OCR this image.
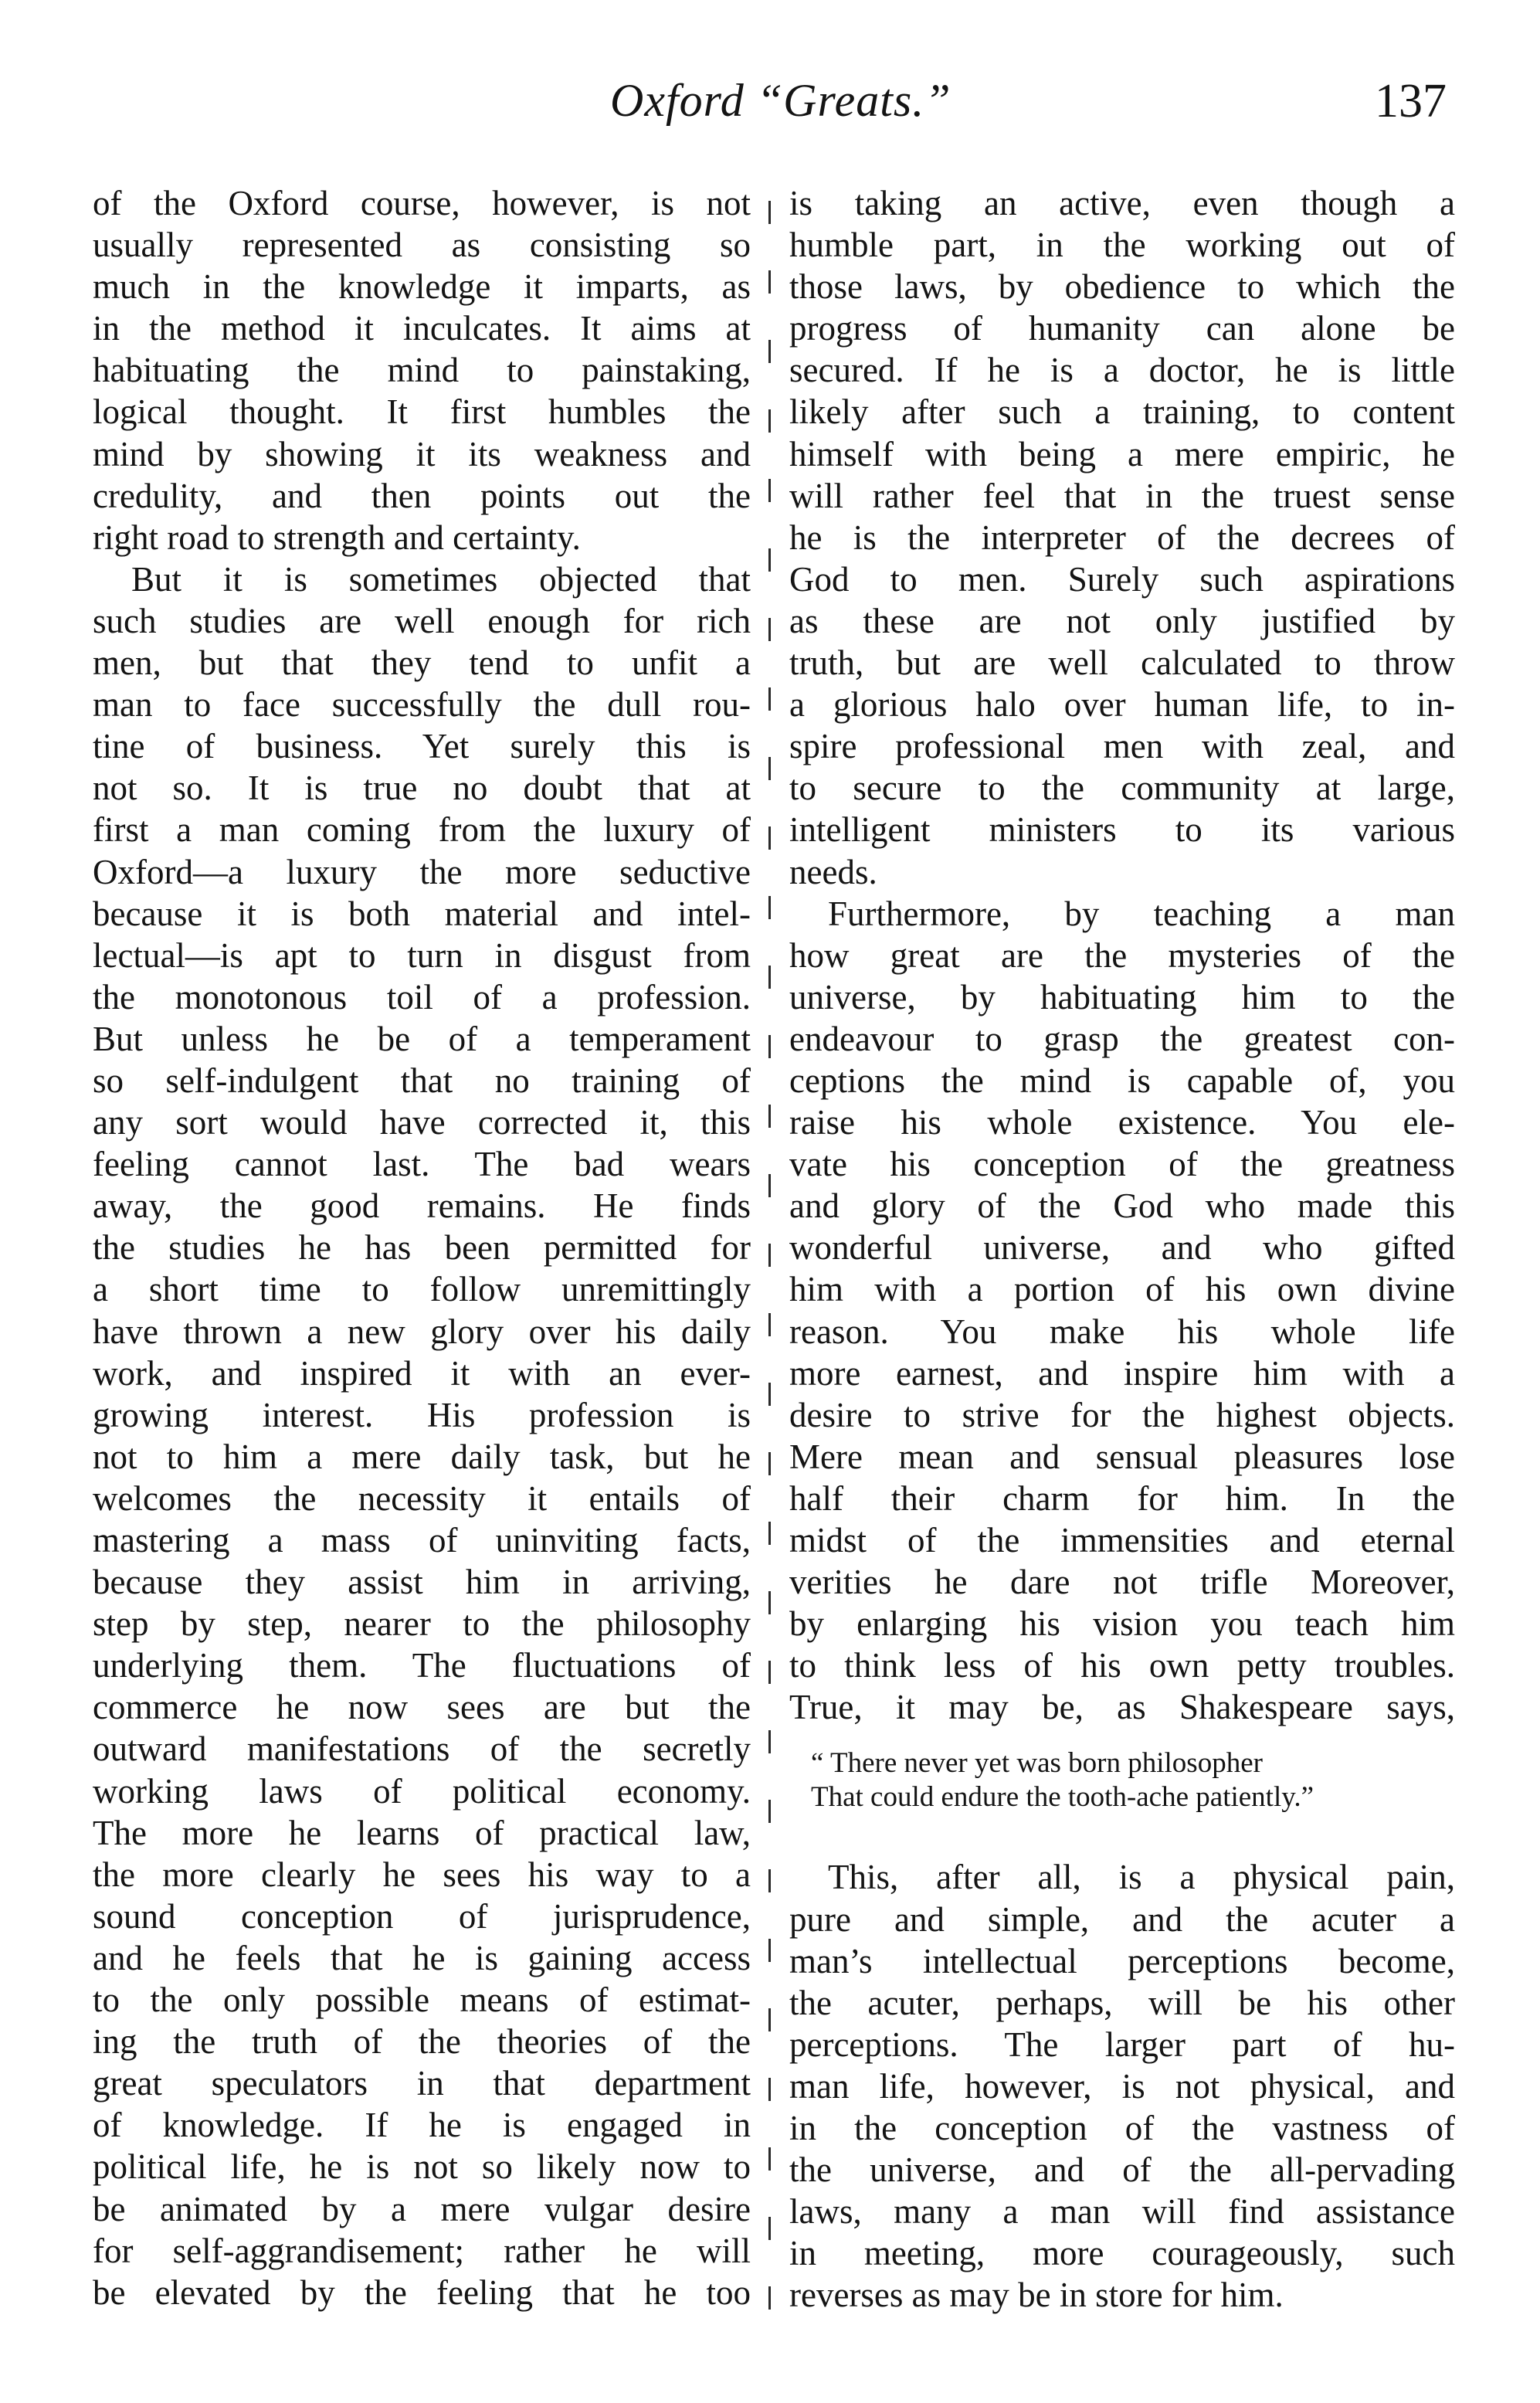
Oxford “Greats.”	137
of the Oxford course, however, is not
usually represented as consisting so
much in the knowledge it imparts, as
in the method it inculcates. It aims at
habituating the mind to painstaking,
logical thought. It first humbles the
mind by showing it its weakness and
credulity, and then points out the
right road to strength and certainty.
But it is sometimes objected that
such studies are well enough for rich
men, but that they tend to unfit a
man to face successfully the dull rou-
tine of business. Yet surely this is
not so. It is true no doubt that at
first a man coming from the luxury of
Oxford—a luxury the more seductive
because it is both material and intel-
lectual—is apt to turn in disgust from
the monotonous toil of a profession.
But unless he be of a temperament
so self-indulgent that no training of
any sort would have corrected it, this
feeling cannot last. The bad wears
away, the good remains. He finds
the studies he has been permitted for
a short time to follow unremittingly
have thrown a new glory over his daily
work, and inspired it with an ever-
growing interest. His profession is
not to him a mere daily task, but he
welcomes the necessity it entails of
mastering a mass of uninviting facts,
because they assist him in arriving,
step by step, nearer to the philosophy
underlying them. The fluctuations of
commerce he now sees are but the
outward manifestations of the secretly
working laws of political economy.
The more he learns of practical law,
the more clearly he sees his way to a
sound conception of jurisprudence,
and he feels that he is gaining access
to the only possible means of estimat-
ing the truth of the theories of the
great speculators in that department
of knowledge. If he is engaged in
political life, he is not so likely now to
be animated by a mere vulgar desire
for self-aggrandisement; rather he will
be elevated by the feeling that he too
is taking an active, even though a
humble part, in the working out of
those laws, by obedience to which the
progress of humanity can alone be
secured. If he is a doctor, he is little
likely after such a training, to content
himself with being a mere empiric, he
will rather feel that in the truest sense
he is the interpreter of the decrees of
God to men. Surely such aspirations
as these are not only justified by
truth, but are well calculated to throw
a glorious halo over human life, to in-
spire professional men with zeal, and
to secure to the community at large,
intelligent ministers to its various
needs.
Furthermore, by teaching a man
how great are the mysteries of the
universe, by habituating him to the
endeavour to grasp the greatest con-
ceptions the mind is capable of, you
raise his whole existence. You ele-
vate his conception of the greatness
and glory of the God who made this
wonderful universe, and who gifted
him with a portion of his own divine
reason. You make his whole life
more earnest, and inspire him with a
desire to strive for the highest objects.
Mere mean and sensual pleasures lose
half their charm for him. In the
midst of the immensities and eternal
verities he dare not trifle Moreover,
by enlarging his vision you teach him
to think less of his own petty troubles.
True, it may be, as Shakespeare says,
“ There never yet was born philosopher
That could endure the tooth-ache patiently.”
This, after all, is a physical pain,
pure and simple, and the acuter a
man’s intellectual perceptions become,
the acuter, perhaps, will be his other
perceptions. The larger part of hu-
man life, however, is not physical, and
in the conception of the vastness of
the universe, and of the all-pervading
laws, many a man will find assistance
in meeting, more courageously, such
reverses as may be in store for him.
